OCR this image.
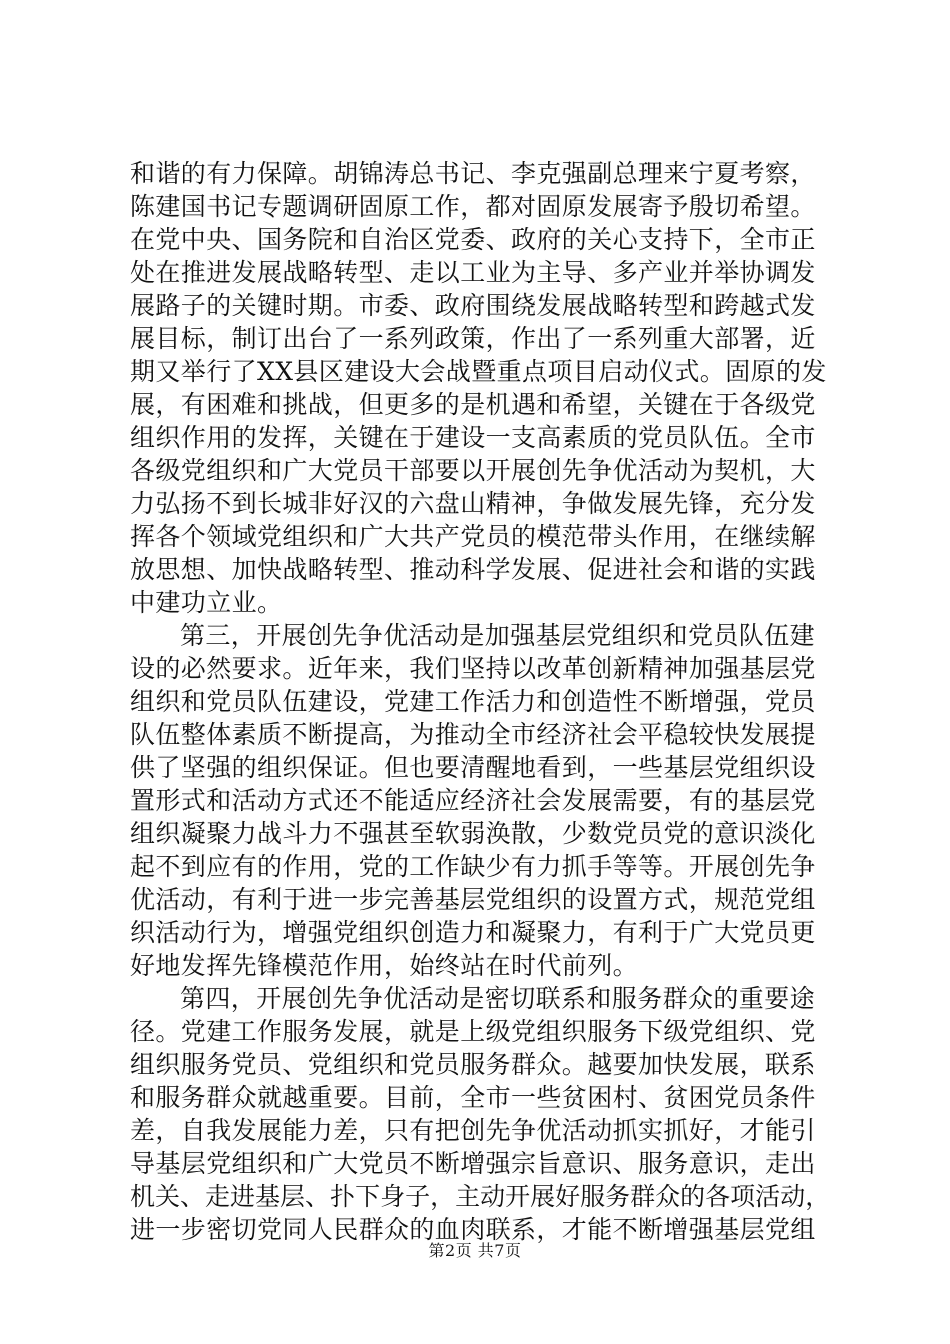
和谐的有力保障。胡锦涛总书记、李克强副总理来宁夏考察，
陈建国书记专题调研固原工作，都对固原发展寄予殷切希望。
在党中央、国务院和自治区党委、政府的关心支持下，全市正
处在推进发展战略转型、走以工业为主导、多产业并举协调发
展路子的关键时期。市委、政府围绕发展战略转型和跨越式发
展目标，制订出台了一系列政策，作出了一系列重大部署，近
期又举行了XX县区建设大会战暨重点项目启动仪式。固原的发
展，有困难和挑战，但更多的是机遇和希望，关键在于各级党
组织作用的发挥，关键在于建设一支高素质的党员队伍。全市
各级党组织和广大党员干部要以开展创先争优活动为契机，大
力弘扬不到长城非好汉的六盘山精神，争做发展先锋，充分发
挥各个领域党组织和广大共产党员的模范带头作用，在继续解
放思想、加快战略转型、推动科学发展、促进社会和谐的实践
中建功立业。
第三，开展创先争优活动是加强基层党组织和党员队伍建
设的必然要求。近年来，我们坚持以改革创新精神加强基层党
组织和党员队伍建设，党建工作活力和创造性不断增强，党员
队伍整体素质不断提高，为推动全市经济社会平稳较快发展提
供了坚强的组织保证。但也要清醒地看到，一些基层党组织设
置形式和活动方式还不能适应经济社会发展需要，有的基层党
组织凝聚力战斗力不强甚至软弱涣散，少数党员党的意识淡化
起不到应有的作用，党的工作缺少有力抓手等等。开展创先争
优活动，有利于进一步完善基层党组织的设置方式，规范党组
织活动行为，增强党组织创造力和凝聚力，有利于广大党员更
好地发挥先锋模范作用，始终站在时代前列。
第四，开展创先争优活动是密切联系和服务群众的重要途
径。党建工作服务发展，就是上级党组织服务下级党组织、党
组织服务党员、党组织和党员服务群众。越要加快发展，联系
和服务群众就越重要。目前，全市一些贫困村、贫困党员条件
差，自我发展能力差，只有把创先争优活动抓实抓好，才能引
导基层党组织和广大党员不断增强宗旨意识、服务意识，走出
机关、走进基层、扑下身子，主动开展好服务群众的各项活动，
进一步密切党同人民群众的血肉联系，才能不断增强基层党组
第2页 共7页
